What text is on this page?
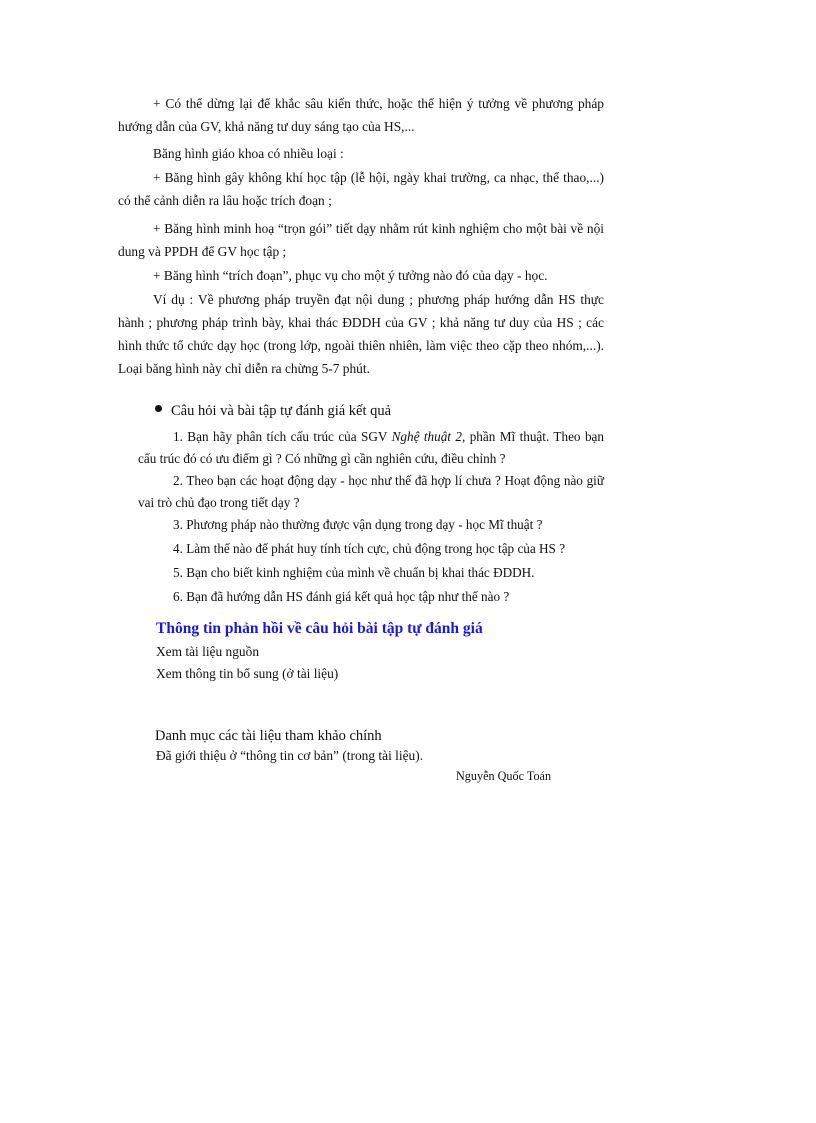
+ Có thể dừng lại để khắc sâu kiến thức, hoặc thể hiện ý tưởng về phương pháp hướng dẫn của GV, khả năng tư duy sáng tạo của HS,...

Băng hình giáo khoa có nhiều loại :

+ Băng hình gây không khí học tập (lễ hội, ngày khai trường, ca nhạc, thể thao,...) có thể cảnh diễn ra lâu hoặc trích đoạn ;

+ Băng hình minh hoạ “trọn gói” tiết dạy nhằm rút kinh nghiệm cho một bài về nội dung và PPDH để GV học tập ;

+ Băng hình “trích đoạn”, phục vụ cho một ý tưởng nào đó của dạy - học.

Ví dụ : Về phương pháp truyền đạt nội dung ; phương pháp hướng dẫn HS thực hành ; phương pháp trình bày, khai thác ĐDDH của GV ; khả năng tư duy của HS ; các hình thức tổ chức dạy học (trong lớp, ngoài thiên nhiên, làm việc theo cặp theo nhóm,...). Loại băng hình này chỉ diễn ra chừng 5-7 phút.

Câu hỏi và bài tập tự đánh giá kết quả

1. Bạn hãy phân tích cấu trúc của SGV Nghệ thuật 2, phần Mĩ thuật. Theo bạn cấu trúc đó có ưu điểm gì ? Có những gì cần nghiên cứu, điều chỉnh ?

2. Theo bạn các hoạt động dạy - học như thế đã hợp lí chưa ? Hoạt động nào giữ vai trò chủ đạo trong tiết dạy ?

3. Phương pháp nào thường được vận dụng trong dạy - học Mĩ thuật ?

4. Làm thế nào để phát huy tính tích cực, chủ động trong học tập của HS ?

5. Bạn cho biết kinh nghiệm của mình về chuẩn bị khai thác ĐDDH.

6. Bạn đã hướng dẫn HS đánh giá kết quả học tập như thế nào ?

Thông tin phản hồi về câu hỏi bài tập tự đánh giá
Xem tài liệu nguồn
Xem thông tin bổ sung (ở tài liệu)
Danh mục các tài liệu tham khảo chính
Đã giới thiệu ở “thông tin cơ bản” (trong tài liệu).
Nguyễn Quốc Toán
